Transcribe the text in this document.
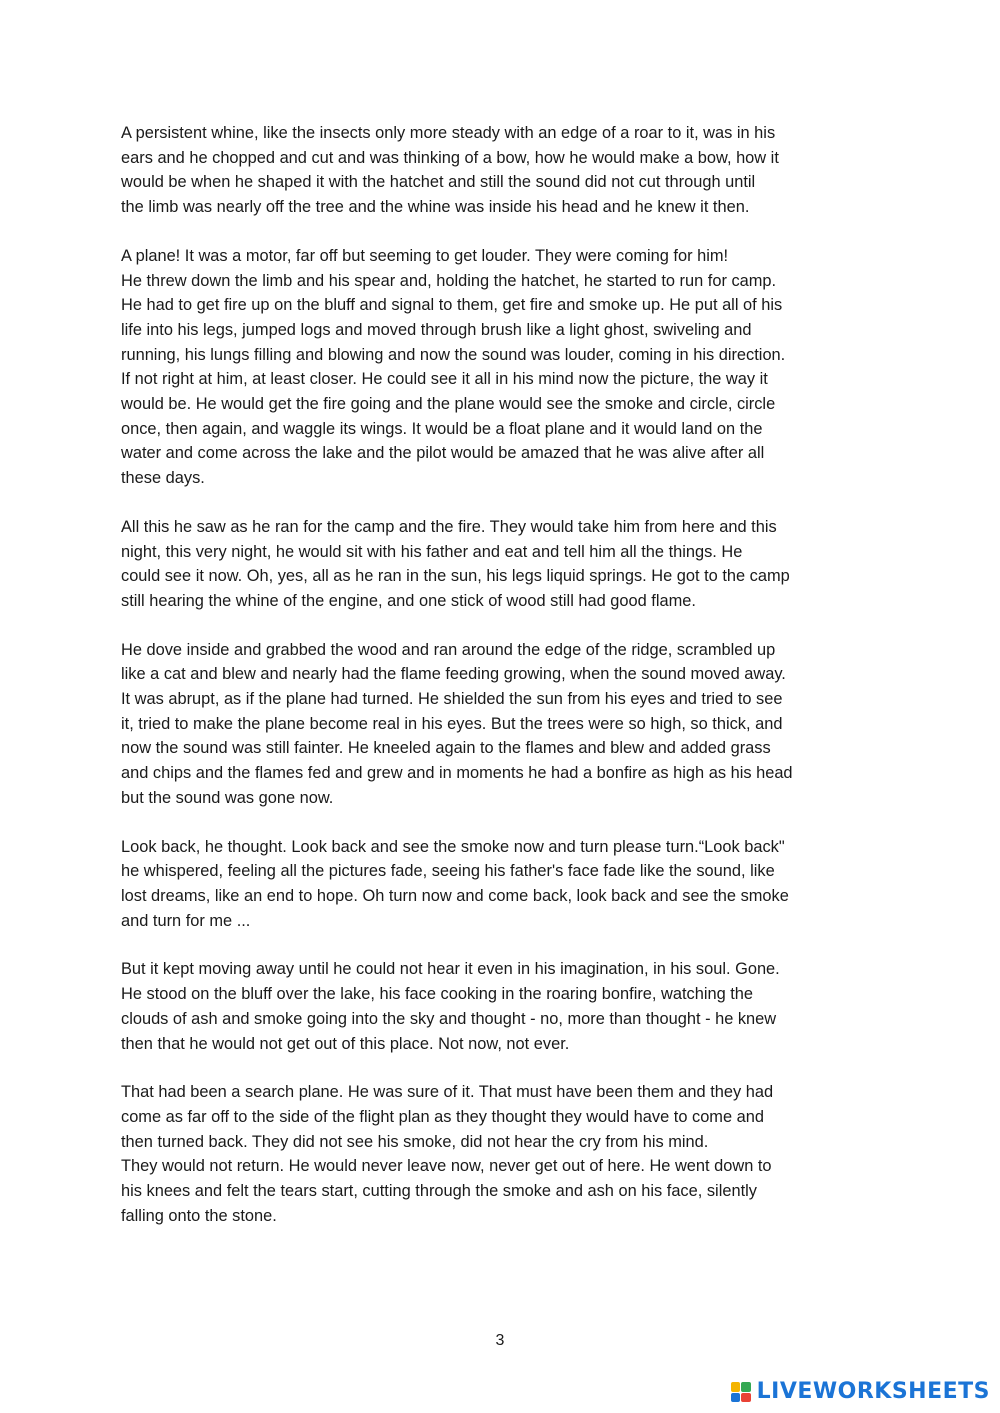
A persistent whine, like the insects only more steady with an edge of a roar to it, was in his
ears and he chopped and cut and was thinking of a bow, how he would make a bow, how it
would be when he shaped it with the hatchet and still the sound did not cut through until
the limb was nearly off the tree and the whine was inside his head and he knew it then.

A plane! It was a motor, far off but seeming to get louder. They were coming for him!
He threw down the limb and his spear and, holding the hatchet, he started to run for camp.
He had to get fire up on the bluff and signal to them, get fire and smoke up. He put all of his
life into his legs, jumped logs and moved through brush like a light ghost, swiveling and
running, his lungs filling and blowing and now the sound was louder, coming in his direction.
If not right at him, at least closer. He could see it all in his mind now the picture, the way it
would be. He would get the fire going and the plane would see the smoke and circle, circle
once, then again, and waggle its wings. It would be a float plane and it would land on the
water and come across the lake and the pilot would be amazed that he was alive after all
these days.

All this he saw as he ran for the camp and the fire. They would take him from here and this
night, this very night, he would sit with his father and eat and tell him all the things. He
could see it now. Oh, yes, all as he ran in the sun, his legs liquid springs. He got to the camp
still hearing the whine of the engine, and one stick of wood still had good flame.

He dove inside and grabbed the wood and ran around the edge of the ridge, scrambled up
like a cat and blew and nearly had the flame feeding growing, when the sound moved away.
It was abrupt, as if the plane had turned. He shielded the sun from his eyes and tried to see
it, tried to make the plane become real in his eyes. But the trees were so high, so thick, and
now the sound was still fainter. He kneeled again to the flames and blew and added grass
and chips and the flames fed and grew and in moments he had a bonfire as high as his head
but the sound was gone now.

Look back, he thought. Look back and see the smoke now and turn please turn.“Look back"
he whispered, feeling all the pictures fade, seeing his father's face fade like the sound, like
lost dreams, like an end to hope. Oh turn now and come back, look back and see the smoke
and turn for me ...

But it kept moving away until he could not hear it even in his imagination, in his soul. Gone.
He stood on the bluff over the lake, his face cooking in the roaring bonfire, watching the
clouds of ash and smoke going into the sky and thought - no, more than thought - he knew
then that he would not get out of this place. Not now, not ever.

That had been a search plane. He was sure of it. That must have been them and they had
come as far off to the side of the flight plan as they thought they would have to come and
then turned back. They did not see his smoke, did not hear the cry from his mind.
They would not return. He would never leave now, never get out of here. He went down to
his knees and felt the tears start, cutting through the smoke and ash on his face, silently
falling onto the stone.

3
LIVEWORKSHEETS
